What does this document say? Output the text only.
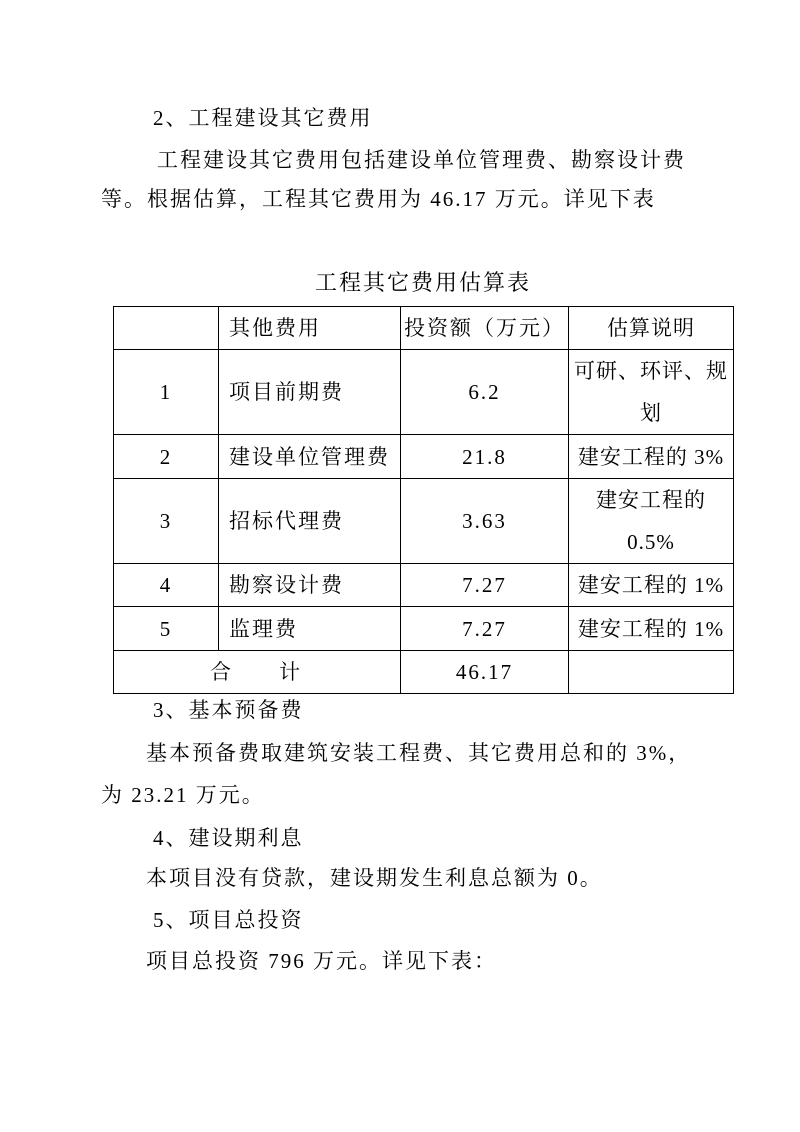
2、工程建设其它费用
工程建设其它费用包括建设单位管理费、勘察设计费
等。根据估算，工程其它费用为 46.17 万元。详见下表
工程其它费用估算表
	其他费用	投资额（万元）	估算说明
1	项目前期费	6.2	可研、环评、规划
2	建设单位管理费	21.8	建安工程的 3%
3	招标代理费	3.63	建安工程的 0.5%
4	勘察设计费	7.27	建安工程的 1%
5	监理费	7.27	建安工程的 1%
合　　计		46.17	
3、基本预备费
基本预备费取建筑安装工程费、其它费用总和的 3%，
为 23.21 万元。
4、建设期利息
本项目没有贷款，建设期发生利息总额为 0。
5、项目总投资
项目总投资 796 万元。详见下表：
